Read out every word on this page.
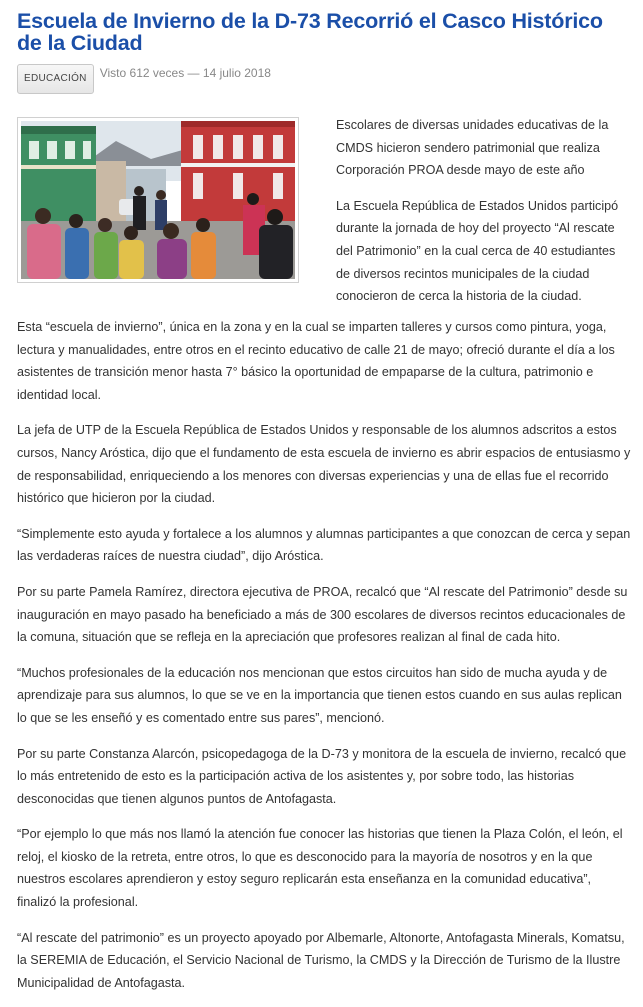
Escuela de Invierno de la D-73 Recorrió el Casco Histórico de la Ciudad
EDUCACIÓN	Visto 612 veces — 14 julio 2018

Escolares de diversas unidades educativas de la CMDS hicieron sendero patrimonial que realiza Corporación PROA desde mayo de este año

La Escuela República de Estados Unidos participó durante la jornada de hoy del proyecto “Al rescate del Patrimonio” en la cual cerca de 40 estudiantes de diversos recintos municipales de la ciudad conocieron de cerca la historia de la ciudad.

Esta “escuela de invierno”, única en la zona y en la cual se imparten talleres y cursos como pintura, yoga, lectura y manualidades, entre otros en el recinto educativo de calle 21 de mayo; ofreció durante el día a los asistentes de transición menor hasta 7° básico la oportunidad de empaparse de la cultura, patrimonio e identidad local.

La jefa de UTP de la Escuela República de Estados Unidos y responsable de los alumnos adscritos a estos cursos, Nancy Aróstica, dijo que el fundamento de esta escuela de invierno es abrir espacios de entusiasmo y de responsabilidad, enriqueciendo a los menores con diversas experiencias y una de ellas fue el recorrido histórico que hicieron por la ciudad.

“Simplemente esto ayuda y fortalece a los alumnos y alumnas participantes a que conozcan de cerca y sepan las verdaderas raíces de nuestra ciudad”, dijo Aróstica.

Por su parte Pamela Ramírez, directora ejecutiva de PROA, recalcó que “Al rescate del Patrimonio” desde su inauguración en mayo pasado ha beneficiado a más de 300 escolares de diversos recintos educacionales de la comuna, situación que se refleja en la apreciación que profesores realizan al final de cada hito.

“Muchos profesionales de la educación nos mencionan que estos circuitos han sido de mucha ayuda y de aprendizaje para sus alumnos, lo que se ve en la importancia que tienen estos cuando en sus aulas replican lo que se les enseñó y es comentado entre sus pares”, mencionó.

Por su parte Constanza Alarcón, psicopedagoga de la D-73 y monitora de la escuela de invierno, recalcó que lo más entretenido de esto es la participación activa de los asistentes y, por sobre todo, las historias desconocidas que tienen algunos puntos de Antofagasta.

“Por ejemplo lo que más nos llamó la atención fue conocer las historias que tienen la Plaza Colón, el león, el reloj, el kiosko de la retreta, entre otros, lo que es desconocido para la mayoría de nosotros y en la que nuestros escolares aprendieron y estoy seguro replicarán esta enseñanza en la comunidad educativa”, finalizó la profesional.

“Al rescate del patrimonio” es un proyecto apoyado por Albemarle, Altonorte, Antofagasta Minerals, Komatsu, la SEREMIA de Educación, el Servicio Nacional de Turismo, la CMDS y la Dirección de Turismo de la Ilustre Municipalidad de Antofagasta.
